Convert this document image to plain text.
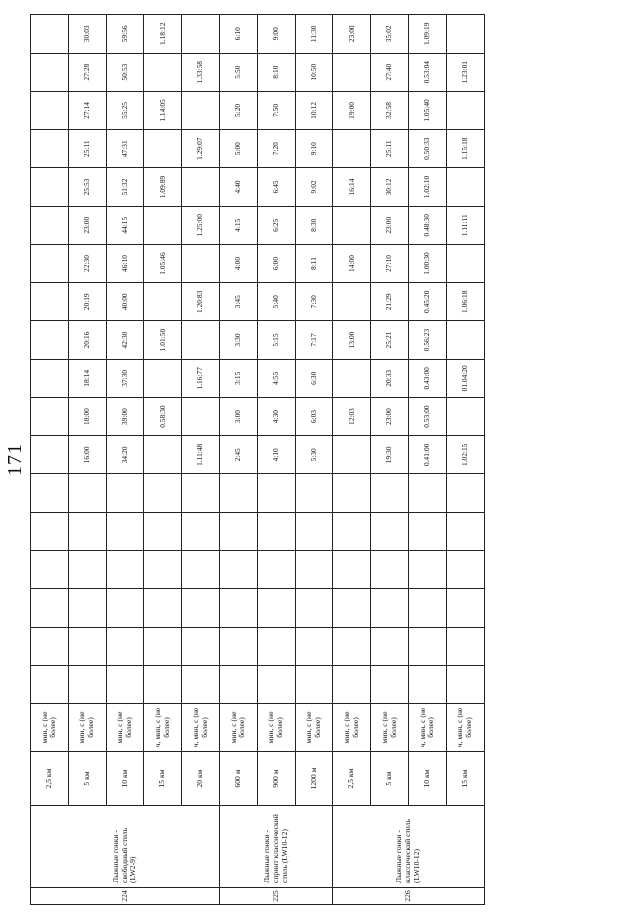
171
224	Лыжные гонки - свободный стиль (LW2-9)	2,5 км	мин, с (не более)																		
		5 км	мин, с (не более)							16:00	18:00	18:14	20:16	20:19	22:30	23:00	25:53	25:11	27:14	27:28	30:03
		10 км	мин, с (не более)							34:20	39:00	37:30	42:30	40:00	46:10	44:15	51:32	47:31	55:25	50:53	59:56
		15 км	ч, мин, с (не более)								0.58:30		1.01:50		1.05:46		1.09:89		1.14:05		1.18:12
		20 км	ч, мин, с (не более)							1.11:48		1.16:77		1.20:83		1.25:00		1.29:07		1.33:58	
225	Лыжные гонки - спринт классический стиль (LW10-12)	600 м	мин, с (не более)							2:45	3:00	3:15	3:30	3:45	4:00	4:15	4:40	5:00	5:20	5:50	6:10
		900 м	мин, с (не более)							4:10	4:30	4:55	5:15	5:40	6:00	6:25	6:45	7:20	7:50	8:10	9:00
		1200 м	мин, с (не более)							5:30	6:03	6:30	7:17	7:30	8:11	8:30	9:02	9:10	10:12	10:50	11:30
226	Лыжные гонки - классический стиль (LW10-12)	2,5 км	мин, с (не более)								12:03		13:00		14:00		16:14		19:00		23:00
		5 км	мин, с (не более)							19:30	23:00	20:33	25:21	21:29	27:10	23:00	30:12	25:11	32:58	27:40	35:02
		10 км	ч, мин, с (не более)							0.41:00	0.53:00	0.43:00	0.56:23	0.45:20	1.00:30	0.48:30	1.02:10	0.50:33	1.05:40	0.53:04	1.09:19
		15 км	ч, мин, с (не более)							1.02:15		01.04:20		1.06:18		1.11:11		1.15:18		1.23:01	
